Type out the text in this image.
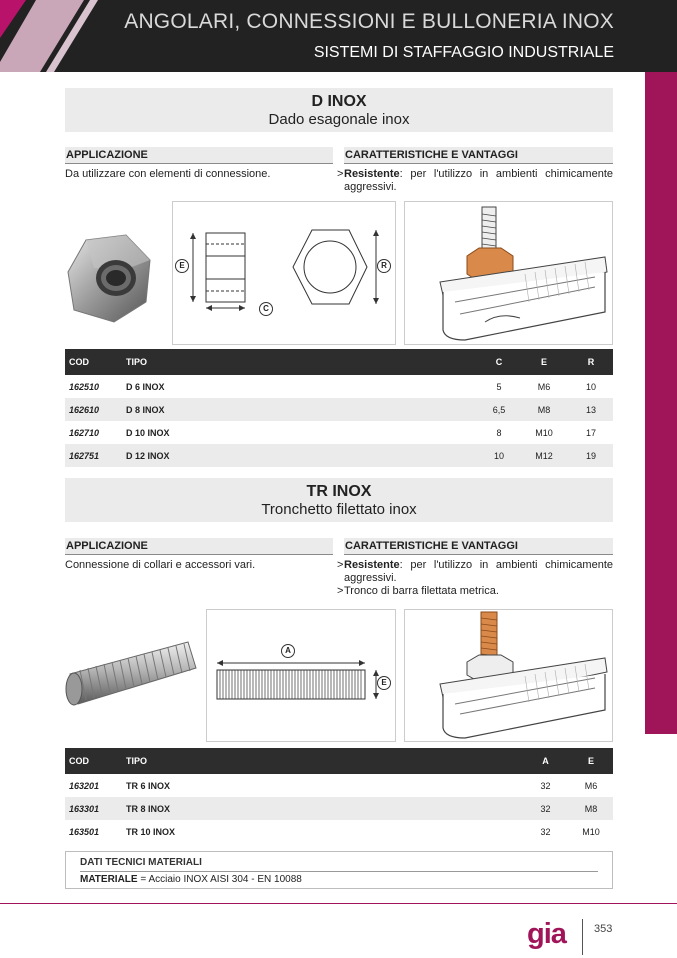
ANGOLARI, CONNESSIONI E BULLONERIA INOX
SISTEMI DI STAFFAGGIO INDUSTRIALE
D INOX
Dado esagonale inox
APPLICAZIONE	CARATTERISTICHE E VANTAGGI
Da utilizzare con elementi di connessione.	> Resistente: per l'utilizzo in ambienti chimicamente aggressivi.
E
C
R
COD	TIPO	C	E	R
162510	D 6 INOX	5	M6	10
162610	D 8 INOX	6,5	M8	13
162710	D 10 INOX	8	M10	17
162751	D 12 INOX	10	M12	19
TR INOX
Tronchetto filettato inox
APPLICAZIONE	CARATTERISTICHE E VANTAGGI
Connessione di collari e accessori vari.	> Resistente: per l'utilizzo in ambienti chimicamente aggressivi.
> Tronco di barra filettata metrica.
A
E
COD	TIPO	A	E
163201	TR 6 INOX	32	M6
163301	TR 8 INOX	32	M8
163501	TR 10 INOX	32	M10
DATI TECNICI MATERIALI
MATERIALE = Acciaio INOX AISI 304 - EN 10088
gia	353
